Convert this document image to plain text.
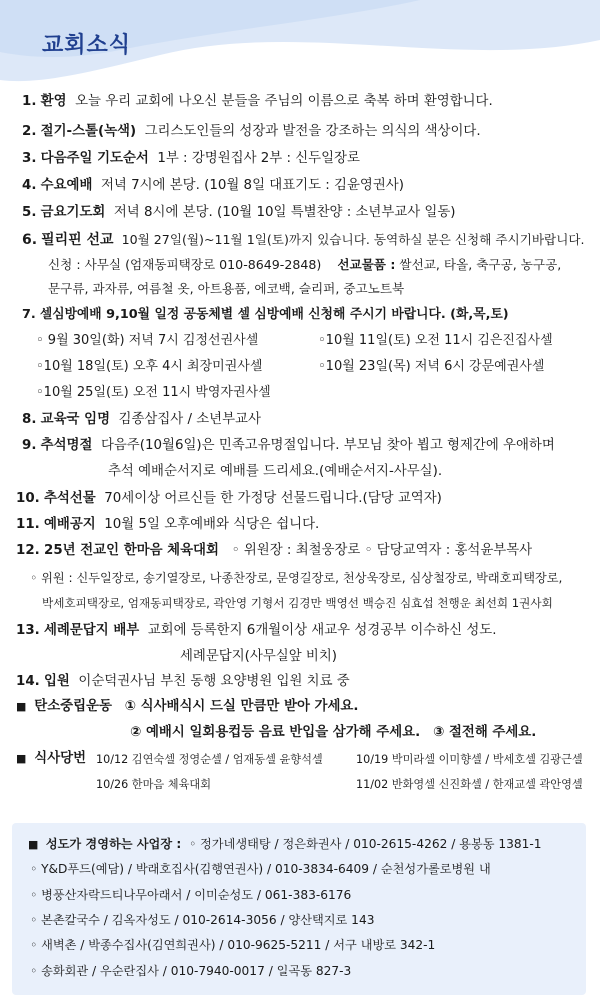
교회소식
1. 환영 오늘 우리 교회에 나오신 분들을 주님의 이름으로 축복 하며 환영합니다.
2. 절기-스톨(녹색) 그리스도인들의 성장과 발전을 강조하는 의식의 색상이다.
3. 다음주일 기도순서 1부 : 강명원집사 2부 : 신두일장로
4. 수요예배 저녁 7시에 본당. (10월 8일 대표기도 : 김윤영권사)
5. 금요기도회 저녁 8시에 본당. (10월 10일 특별찬양 : 소년부교사 일동)
6. 필리핀 선교 10월 27일(월)~11월 1일(토)까지 있습니다. 동역하실 분은 신청해 주시기바랍니다.
신청 : 사무실 (엄재동피택장로 010-8649-2848) 선교물품 : 쌀선교, 타올, 축구공, 농구공,
문구류, 과자류, 여름철 옷, 아트용품, 에코백, 슬리퍼, 중고노트북
7. 셀심방예배 9,10월 일정 공동체별 셀 심방예배 신청해 주시기 바랍니다. (화,목,토)
◦ 9월 30일(화) 저녁 7시 김정선권사셀	◦10월 11일(토) 오전 11시 김은진집사셀
◦10월 18일(토) 오후 4시 최장미권사셀	◦10월 23일(목) 저녁 6시 강문예권사셀
◦10월 25일(토) 오전 11시 박영자권사셀
8. 교육국 임명 김종삼집사 / 소년부교사
9. 추석명절 다음주(10월6일)은 민족고유명절입니다. 부모님 찾아 뵙고 형제간에 우애하며
추석 예배순서지로 예배를 드리세요.(예배순서지-사무실).
10. 추석선물 70세이상 어르신들 한 가정당 선물드립니다.(담당 교역자)
11. 예배공지 10월 5일 오후예배와 식당은 쉽니다.
12. 25년 전교인 한마음 체육대회 ◦ 위원장 : 최철웅장로 ◦ 담당교역자 : 홍석윤부목사
◦ 위원 : 신두일장로, 송기열장로, 나종찬장로, 문영길장로, 천상욱장로, 심상철장로, 박래호피택장로,
박세호피택장로, 엄재동피택장로, 곽안영 기형서 김경만 백영선 백승진 심효섭 천행운 최선희 1권사회
13. 세례문답지 배부 교회에 등록한지 6개월이상 새교우 성경공부 이수하신 성도.
세례문답지(사무실앞 비치)
14. 입원 이순덕권사님 부친 동행 요양병원 입원 치료 중
■ 탄소중립운동 ① 식사배식시 드실 만큼만 받아 가세요.
② 예배시 일회용컵등 음료 반입을 삼가해 주세요. ③ 절전해 주세요.
■ 식사당번 10/12 김연숙셀 정영순셀 / 엄재동셀 윤향석셀	10/19 박미라셀 이미향셀 / 박세호셀 김광근셀
10/26 한마음 체육대회	11/02 반화영셀 신진화셀 / 한재교셀 곽안영셀
■ 성도가 경영하는 사업장 : ◦ 정가네생태탕 / 정은화권사 / 010-2615-4262 / 용봉동 1381-1
◦ Y&D푸드(예담) / 박래호집사(김행연권사) / 010-3834-6409 / 순천성가롤로병원 내
◦ 병풍산자락드티나무아래서 / 이미순성도 / 061-383-6176
◦ 본촌칼국수 / 김옥자성도 / 010-2614-3056 / 양산택지로 143
◦ 새벽촌 / 박종수집사(김연희권사) / 010-9625-5211 / 서구 내방로 342-1
◦ 송화회관 / 우순란집사 / 010-7940-0017 / 일곡동 827-3
